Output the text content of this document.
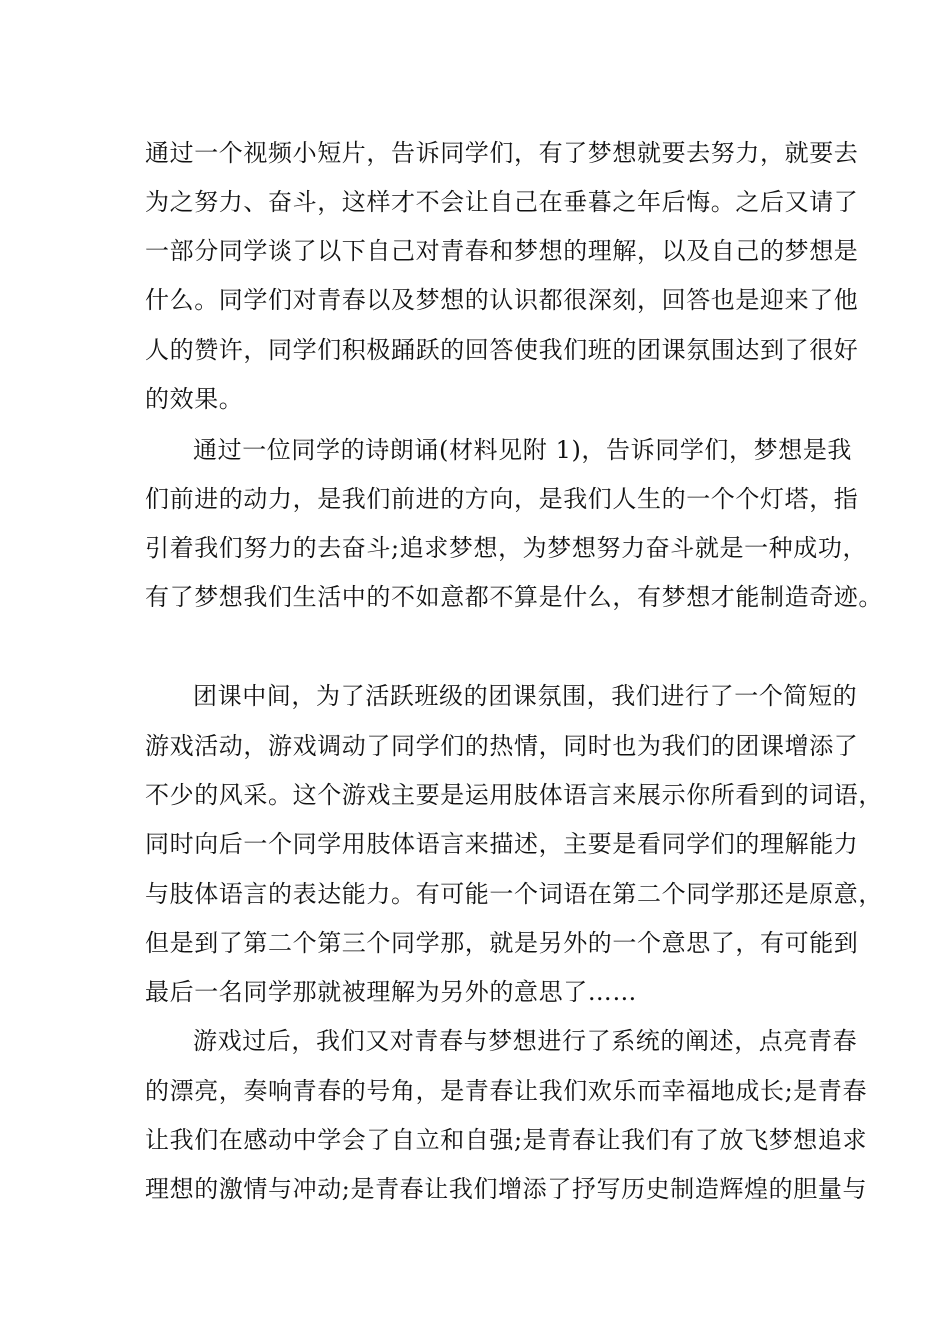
通过一个视频小短片，告诉同学们，有了梦想就要去努力，就要去
为之努力、奋斗，这样才不会让自己在垂暮之年后悔。之后又请了
一部分同学谈了以下自己对青春和梦想的理解，以及自己的梦想是
什么。同学们对青春以及梦想的认识都很深刻，回答也是迎来了他
人的赞许，同学们积极踊跃的回答使我们班的团课氛围达到了很好
的效果。
通过一位同学的诗朗诵(材料见附 1)，告诉同学们，梦想是我
们前进的动力，是我们前进的方向，是我们人生的一个个灯塔，指
引着我们努力的去奋斗;追求梦想，为梦想努力奋斗就是一种成功，
有了梦想我们生活中的不如意都不算是什么，有梦想才能制造奇迹。
团课中间，为了活跃班级的团课氛围，我们进行了一个简短的
游戏活动，游戏调动了同学们的热情，同时也为我们的团课增添了
不少的风采。这个游戏主要是运用肢体语言来展示你所看到的词语，
同时向后一个同学用肢体语言来描述，主要是看同学们的理解能力
与肢体语言的表达能力。有可能一个词语在第二个同学那还是原意，
但是到了第二个第三个同学那，就是另外的一个意思了，有可能到
最后一名同学那就被理解为另外的意思了……
游戏过后，我们又对青春与梦想进行了系统的阐述，点亮青春
的漂亮，奏响青春的号角，是青春让我们欢乐而幸福地成长;是青春
让我们在感动中学会了自立和自强;是青春让我们有了放飞梦想追求
理想的激情与冲动;是青春让我们增添了抒写历史制造辉煌的胆量与
